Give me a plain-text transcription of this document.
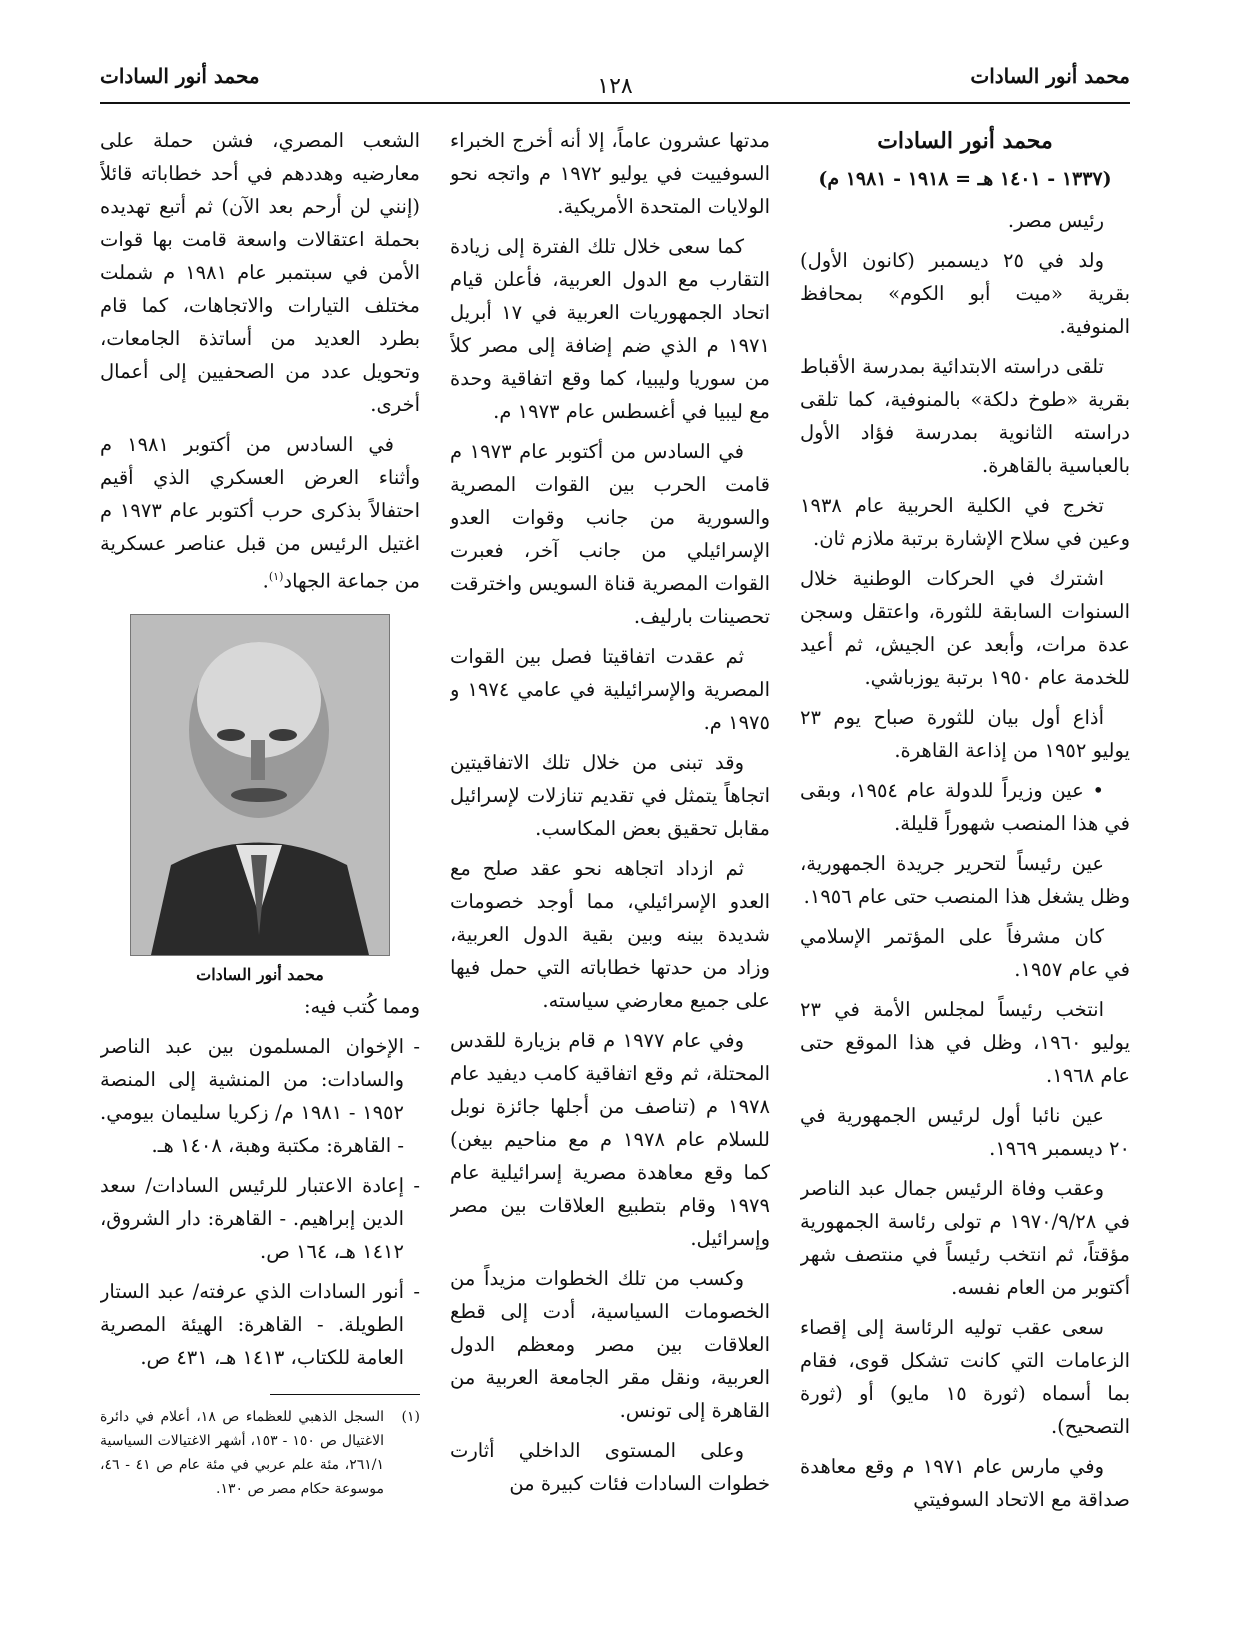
محمد أنور السادات
١٢٨
محمد أنور السادات
محمد أنور السادات
(١٣٣٧ - ١٤٠١ هـ = ١٩١٨ - ١٩٨١ م)

رئيس مصر.

ولد في ٢٥ ديسمبر (كانون الأول) بقرية «ميت أبو الكوم» بمحافظ المنوفية.

تلقى دراسته الابتدائية بمدرسة الأقباط بقرية «طوخ دلكة» بالمنوفية، كما تلقى دراسته الثانوية بمدرسة فؤاد الأول بالعباسية بالقاهرة.

تخرج في الكلية الحربية عام ١٩٣٨ وعين في سلاح الإشارة برتبة ملازم ثان.

اشترك في الحركات الوطنية خلال السنوات السابقة للثورة، واعتقل وسجن عدة مرات، وأبعد عن الجيش، ثم أعيد للخدمة عام ١٩٥٠ برتبة يوزباشي.

أذاع أول بيان للثورة صباح يوم ٢٣ يوليو ١٩٥٢ من إذاعة القاهرة.

• عين وزيراً للدولة عام ١٩٥٤، وبقى في هذا المنصب شهوراً قليلة.

عين رئيساً لتحرير جريدة الجمهورية، وظل يشغل هذا المنصب حتى عام ١٩٥٦.

كان مشرفاً على المؤتمر الإسلامي في عام ١٩٥٧.

انتخب رئيساً لمجلس الأمة في ٢٣ يوليو ١٩٦٠، وظل في هذا الموقع حتى عام ١٩٦٨.

عين نائبا أول لرئيس الجمهورية في ٢٠ ديسمبر ١٩٦٩.

وعقب وفاة الرئيس جمال عبد الناصر في ١٩٧٠/٩/٢٨ م تولى رئاسة الجمهورية مؤقتاً، ثم انتخب رئيساً في منتصف شهر أكتوبر من العام نفسه.

سعى عقب توليه الرئاسة إلى إقصاء الزعامات التي كانت تشكل قوى، فقام بما أسماه (ثورة ١٥ مايو) أو (ثورة التصحيح).

وفي مارس عام ١٩٧١ م وقع معاهدة صداقة مع الاتحاد السوفيتي

مدتها عشرون عاماً، إلا أنه أخرج الخبراء السوفييت في يوليو ١٩٧٢ م واتجه نحو الولايات المتحدة الأمريكية.

كما سعى خلال تلك الفترة إلى زيادة التقارب مع الدول العربية، فأعلن قيام اتحاد الجمهوريات العربية في ١٧ أبريل ١٩٧١ م الذي ضم إضافة إلى مصر كلاً من سوريا وليبيا، كما وقع اتفاقية وحدة مع ليبيا في أغسطس عام ١٩٧٣ م.

في السادس من أكتوبر عام ١٩٧٣ م قامت الحرب بين القوات المصرية والسورية من جانب وقوات العدو الإسرائيلي من جانب آخر، فعبرت القوات المصرية قناة السويس واخترقت تحصينات بارليف.

ثم عقدت اتفاقيتا فصل بين القوات المصرية والإسرائيلية في عامي ١٩٧٤ و ١٩٧٥ م.

وقد تبنى من خلال تلك الاتفاقيتين اتجاهاً يتمثل في تقديم تنازلات لإسرائيل مقابل تحقيق بعض المكاسب.

ثم ازداد اتجاهه نحو عقد صلح مع العدو الإسرائيلي، مما أوجد خصومات شديدة بينه وبين بقية الدول العربية، وزاد من حدتها خطاباته التي حمل فيها على جميع معارضي سياسته.

وفي عام ١٩٧٧ م قام بزيارة للقدس المحتلة، ثم وقع اتفاقية كامب ديفيد عام ١٩٧٨ م (تناصف من أجلها جائزة نوبل للسلام عام ١٩٧٨ م مع مناحيم بيغن) كما وقع معاهدة مصرية إسرائيلية عام ١٩٧٩ وقام بتطبيع العلاقات بين مصر وإسرائيل.

وكسب من تلك الخطوات مزيداً من الخصومات السياسية، أدت إلى قطع العلاقات بين مصر ومعظم الدول العربية، ونقل مقر الجامعة العربية من القاهرة إلى تونس.

وعلى المستوى الداخلي أثارت خطوات السادات فئات كبيرة من

الشعب المصري، فشن حملة على معارضيه وهددهم في أحد خطاباته قائلاً (إنني لن أرحم بعد الآن) ثم أتبع تهديده بحملة اعتقالات واسعة قامت بها قوات الأمن في سبتمبر عام ١٩٨١ م شملت مختلف التيارات والاتجاهات، كما قام بطرد العديد من أساتذة الجامعات، وتحويل عدد من الصحفيين إلى أعمال أخرى.

في السادس من أكتوبر ١٩٨١ م وأثناء العرض العسكري الذي أقيم احتفالاً بذكرى حرب أكتوبر عام ١٩٧٣ م اغتيل الرئيس من قبل عناصر عسكرية من جماعة الجهاد$^{(١)}$.

محمد أنور السادات

ومما كُتب فيه:

- الإخوان المسلمون بين عبد الناصر والسادات: من المنشية إلى المنصة ١٩٥٢ - ١٩٨١ م/ زكريا سليمان بيومي. - القاهرة: مكتبة وهبة، ١٤٠٨ هـ.

- إعادة الاعتبار للرئيس السادات/ سعد الدين إبراهيم. - القاهرة: دار الشروق، ١٤١٢ هـ، ١٦٤ ص.

- أنور السادات الذي عرفته/ عبد الستار الطويلة. - القاهرة: الهيئة المصرية العامة للكتاب، ١٤١٣ هـ، ٤٣١ ص.

(١)
السجل الذهبي للعظماء ص ١٨، أعلام في دائرة الاغتيال ص ١٥٠ - ١٥٣، أشهر الاغتيالات السياسية ٢٦١/١، مئة علم عربي في مئة عام ص ٤١ - ٤٦، موسوعة حكام مصر ص ١٣٠.
